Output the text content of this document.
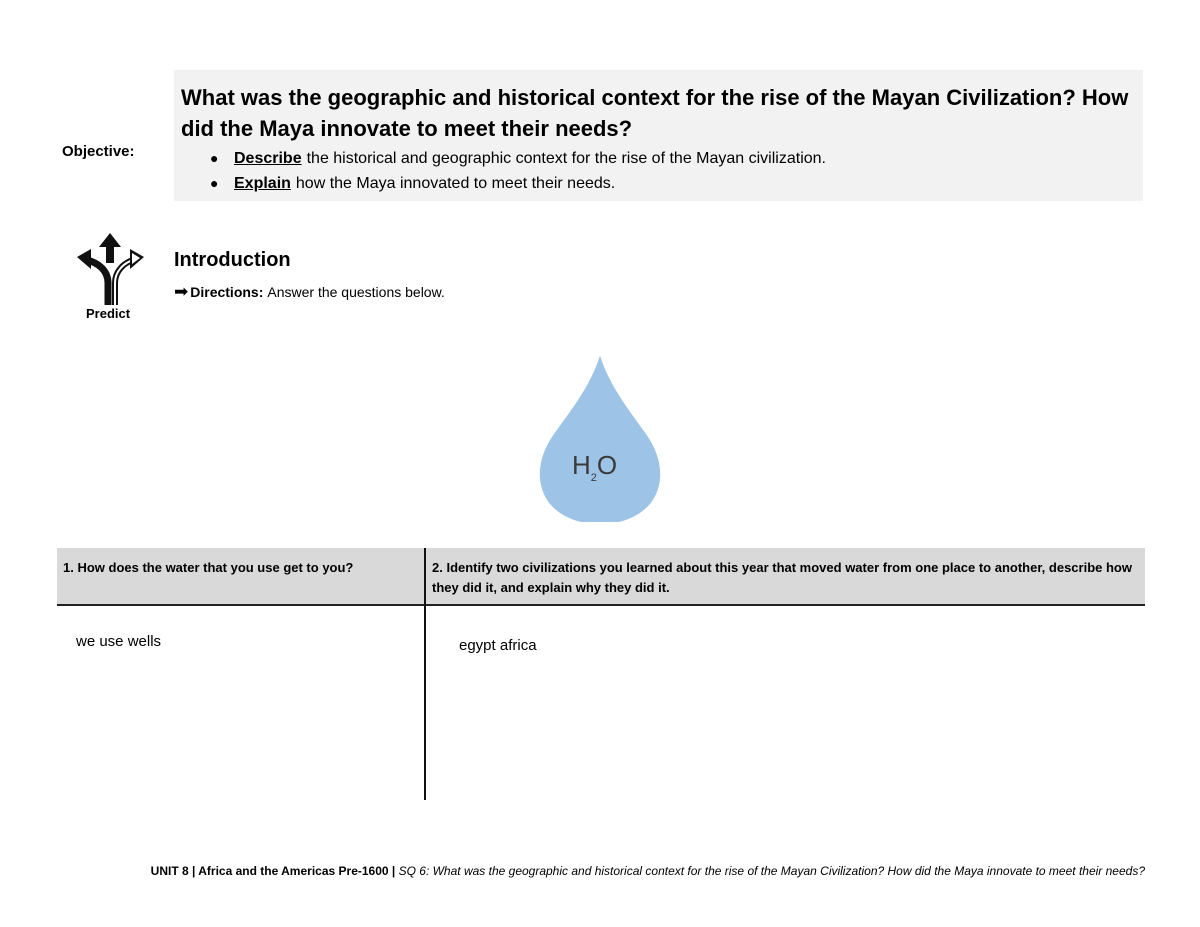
Objective:
What was the geographic and historical context for the rise of the Mayan Civilization? How did the Maya innovate to meet their needs?
● Describe the historical and geographic context for the rise of the Mayan civilization.
● Explain how the Maya innovated to meet their needs.
Predict
Introduction
➡ Directions: Answer the questions below.
$H_2O$
1. How does the water that you use get to you?	2. Identify two civilizations you learned about this year that moved water from one place to another, describe how they did it, and explain why they did it.
we use wells	egypt africa
UNIT 8 | Africa and the Americas Pre-1600 | SQ 6: What was the geographic and historical context for the rise of the Mayan Civilization? How did the Maya innovate to meet their needs?
